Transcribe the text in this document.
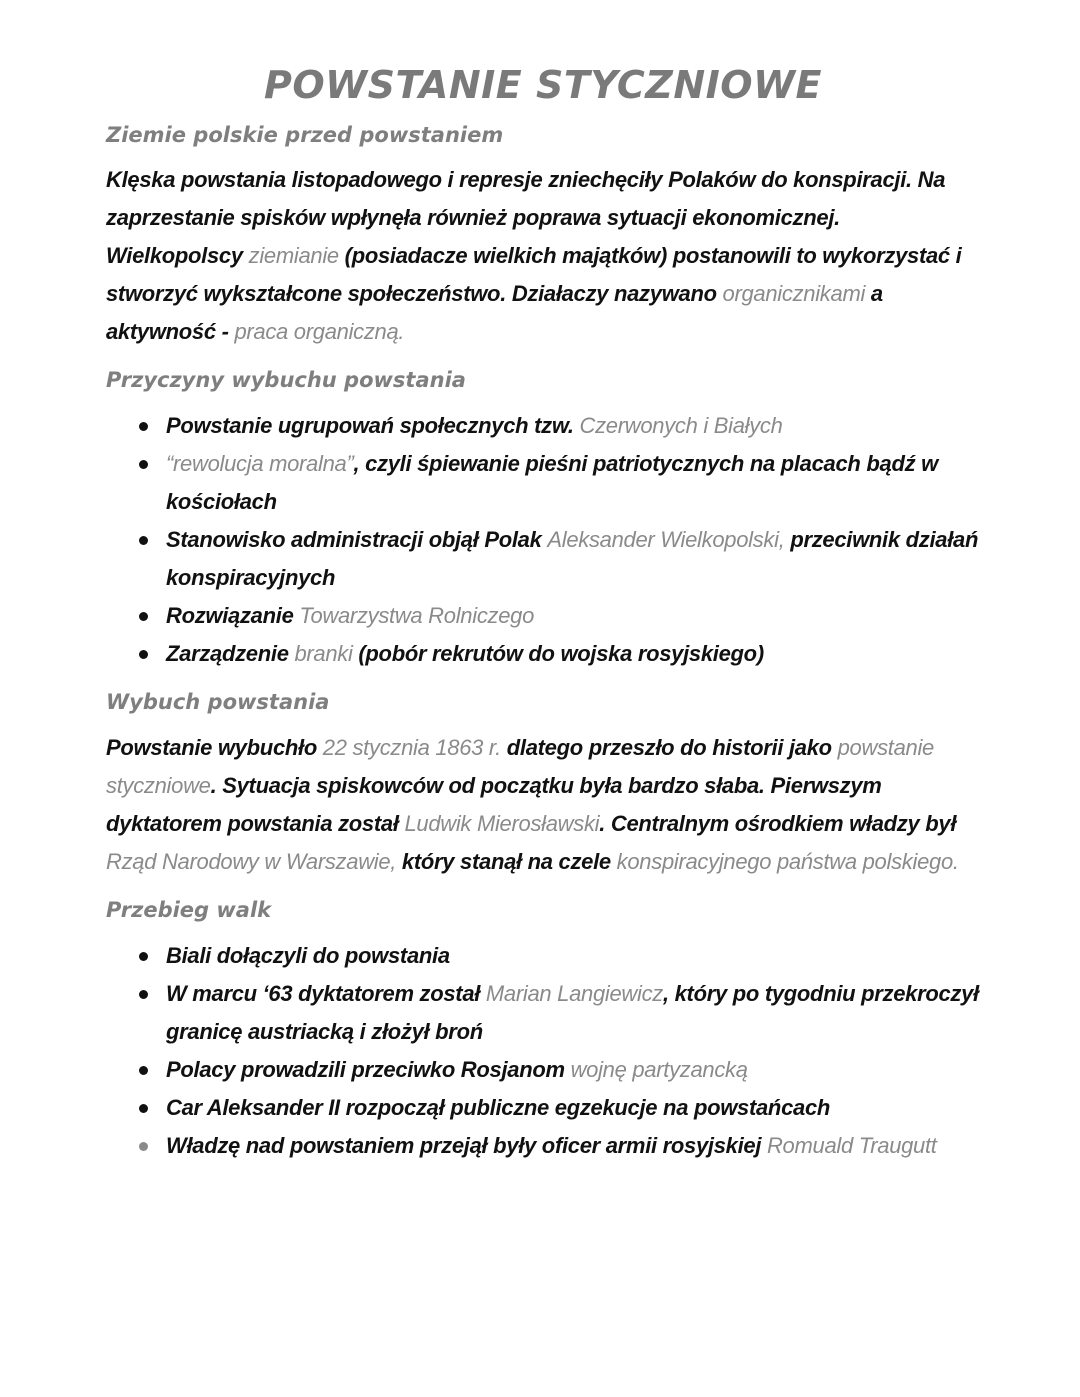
POWSTANIE STYCZNIOWE
Ziemie polskie przed powstaniem

Klęska powstania listopadowego i represje zniechęciły Polaków do konspiracji. Na zaprzestanie spisków wpłynęła również poprawa sytuacji ekonomicznej. Wielkopolscy ziemianie (posiadacze wielkich majątków) postanowili to wykorzystać i stworzyć wykształcone społeczeństwo. Działaczy nazywano organicznikami a aktywność - praca organiczną.

Przyczyny wybuchu powstania
Powstanie ugrupowań społecznych tzw. Czerwonych i Białych
“rewolucja moralna”, czyli śpiewanie pieśni patriotycznych na placach bądź w kościołach
Stanowisko administracji objął Polak Aleksander Wielkopolski, przeciwnik działań konspiracyjnych
Rozwiązanie Towarzystwa Rolniczego
Zarządzenie branki (pobór rekrutów do wojska rosyjskiego)
Wybuch powstania

Powstanie wybuchło 22 stycznia 1863 r. dlatego przeszło do historii jako powstanie styczniowe. Sytuacja spiskowców od początku była bardzo słaba. Pierwszym dyktatorem powstania został Ludwik Mierosławski. Centralnym ośrodkiem władzy był Rząd Narodowy w Warszawie, który stanął na czele konspiracyjnego państwa polskiego.

Przebieg walk
Biali dołączyli do powstania
W marcu ‘63 dyktatorem został Marian Langiewicz, który po tygodniu przekroczył granicę austriacką i złożył broń
Polacy prowadzili przeciwko Rosjanom wojnę partyzancką
Car Aleksander II rozpoczął publiczne egzekucje na powstańcach
Władzę nad powstaniem przejął były oficer armii rosyjskiej Romuald Traugutt
